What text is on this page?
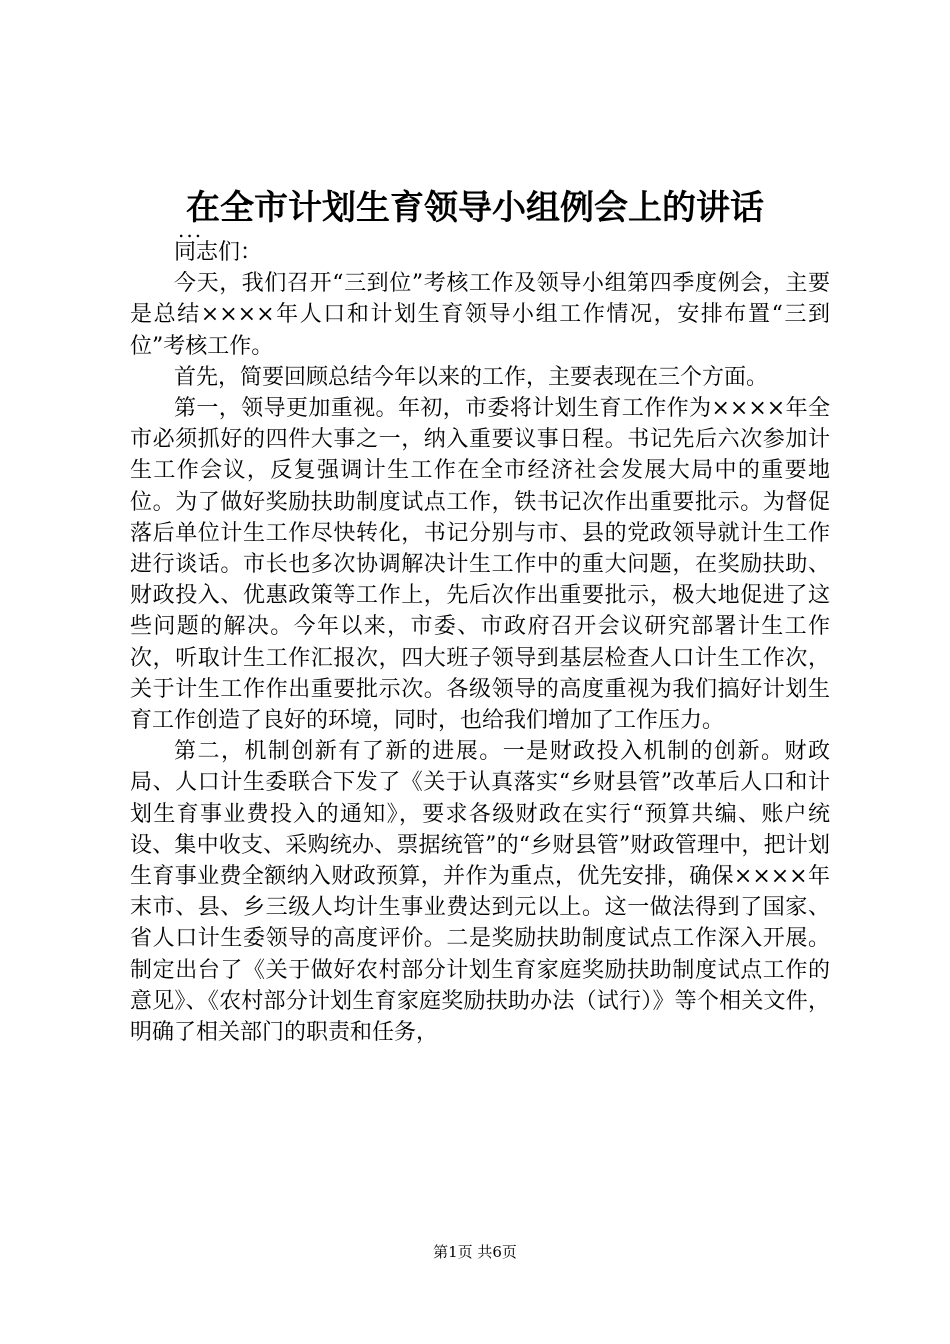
在全市计划生育领导小组例会上的讲话
...

同志们：

今天，我们召开“三到位”考核工作及领导小组第四季度例会，主要是总结××××年人口和计划生育领导小组工作情况，安排布置“三到位”考核工作。

首先，简要回顾总结今年以来的工作，主要表现在三个方面。

第一，领导更加重视。年初，市委将计划生育工作作为××××年全市必须抓好的四件大事之一，纳入重要议事日程。书记先后六次参加计生工作会议，反复强调计生工作在全市经济社会发展大局中的重要地位。为了做好奖励扶助制度试点工作，铁书记次作出重要批示。为督促落后单位计生工作尽快转化，书记分别与市、县的党政领导就计生工作进行谈话。市长也多次协调解决计生工作中的重大问题，在奖励扶助、财政投入、优惠政策等工作上，先后次作出重要批示，极大地促进了这些问题的解决。今年以来，市委、市政府召开会议研究部署计生工作次，听取计生工作汇报次，四大班子领导到基层检查人口计生工作次，关于计生工作作出重要批示次。各级领导的高度重视为我们搞好计划生育工作创造了良好的环境，同时，也给我们增加了工作压力。

第二，机制创新有了新的进展。一是财政投入机制的创新。财政局、人口计生委联合下发了《关于认真落实“乡财县管”改革后人口和计划生育事业费投入的通知》，要求各级财政在实行“预算共编、账户统设、集中收支、采购统办、票据统管”的“乡财县管”财政管理中，把计划生育事业费全额纳入财政预算，并作为重点，优先安排，确保××××年末市、县、乡三级人均计生事业费达到元以上。这一做法得到了国家、省人口计生委领导的高度评价。二是奖励扶助制度试点工作深入开展。制定出台了《关于做好农村部分计划生育家庭奖励扶助制度试点工作的意见》、《农村部分计划生育家庭奖励扶助办法（试行）》等个相关文件，明确了相关部门的职责和任务，

第1页 共6页
